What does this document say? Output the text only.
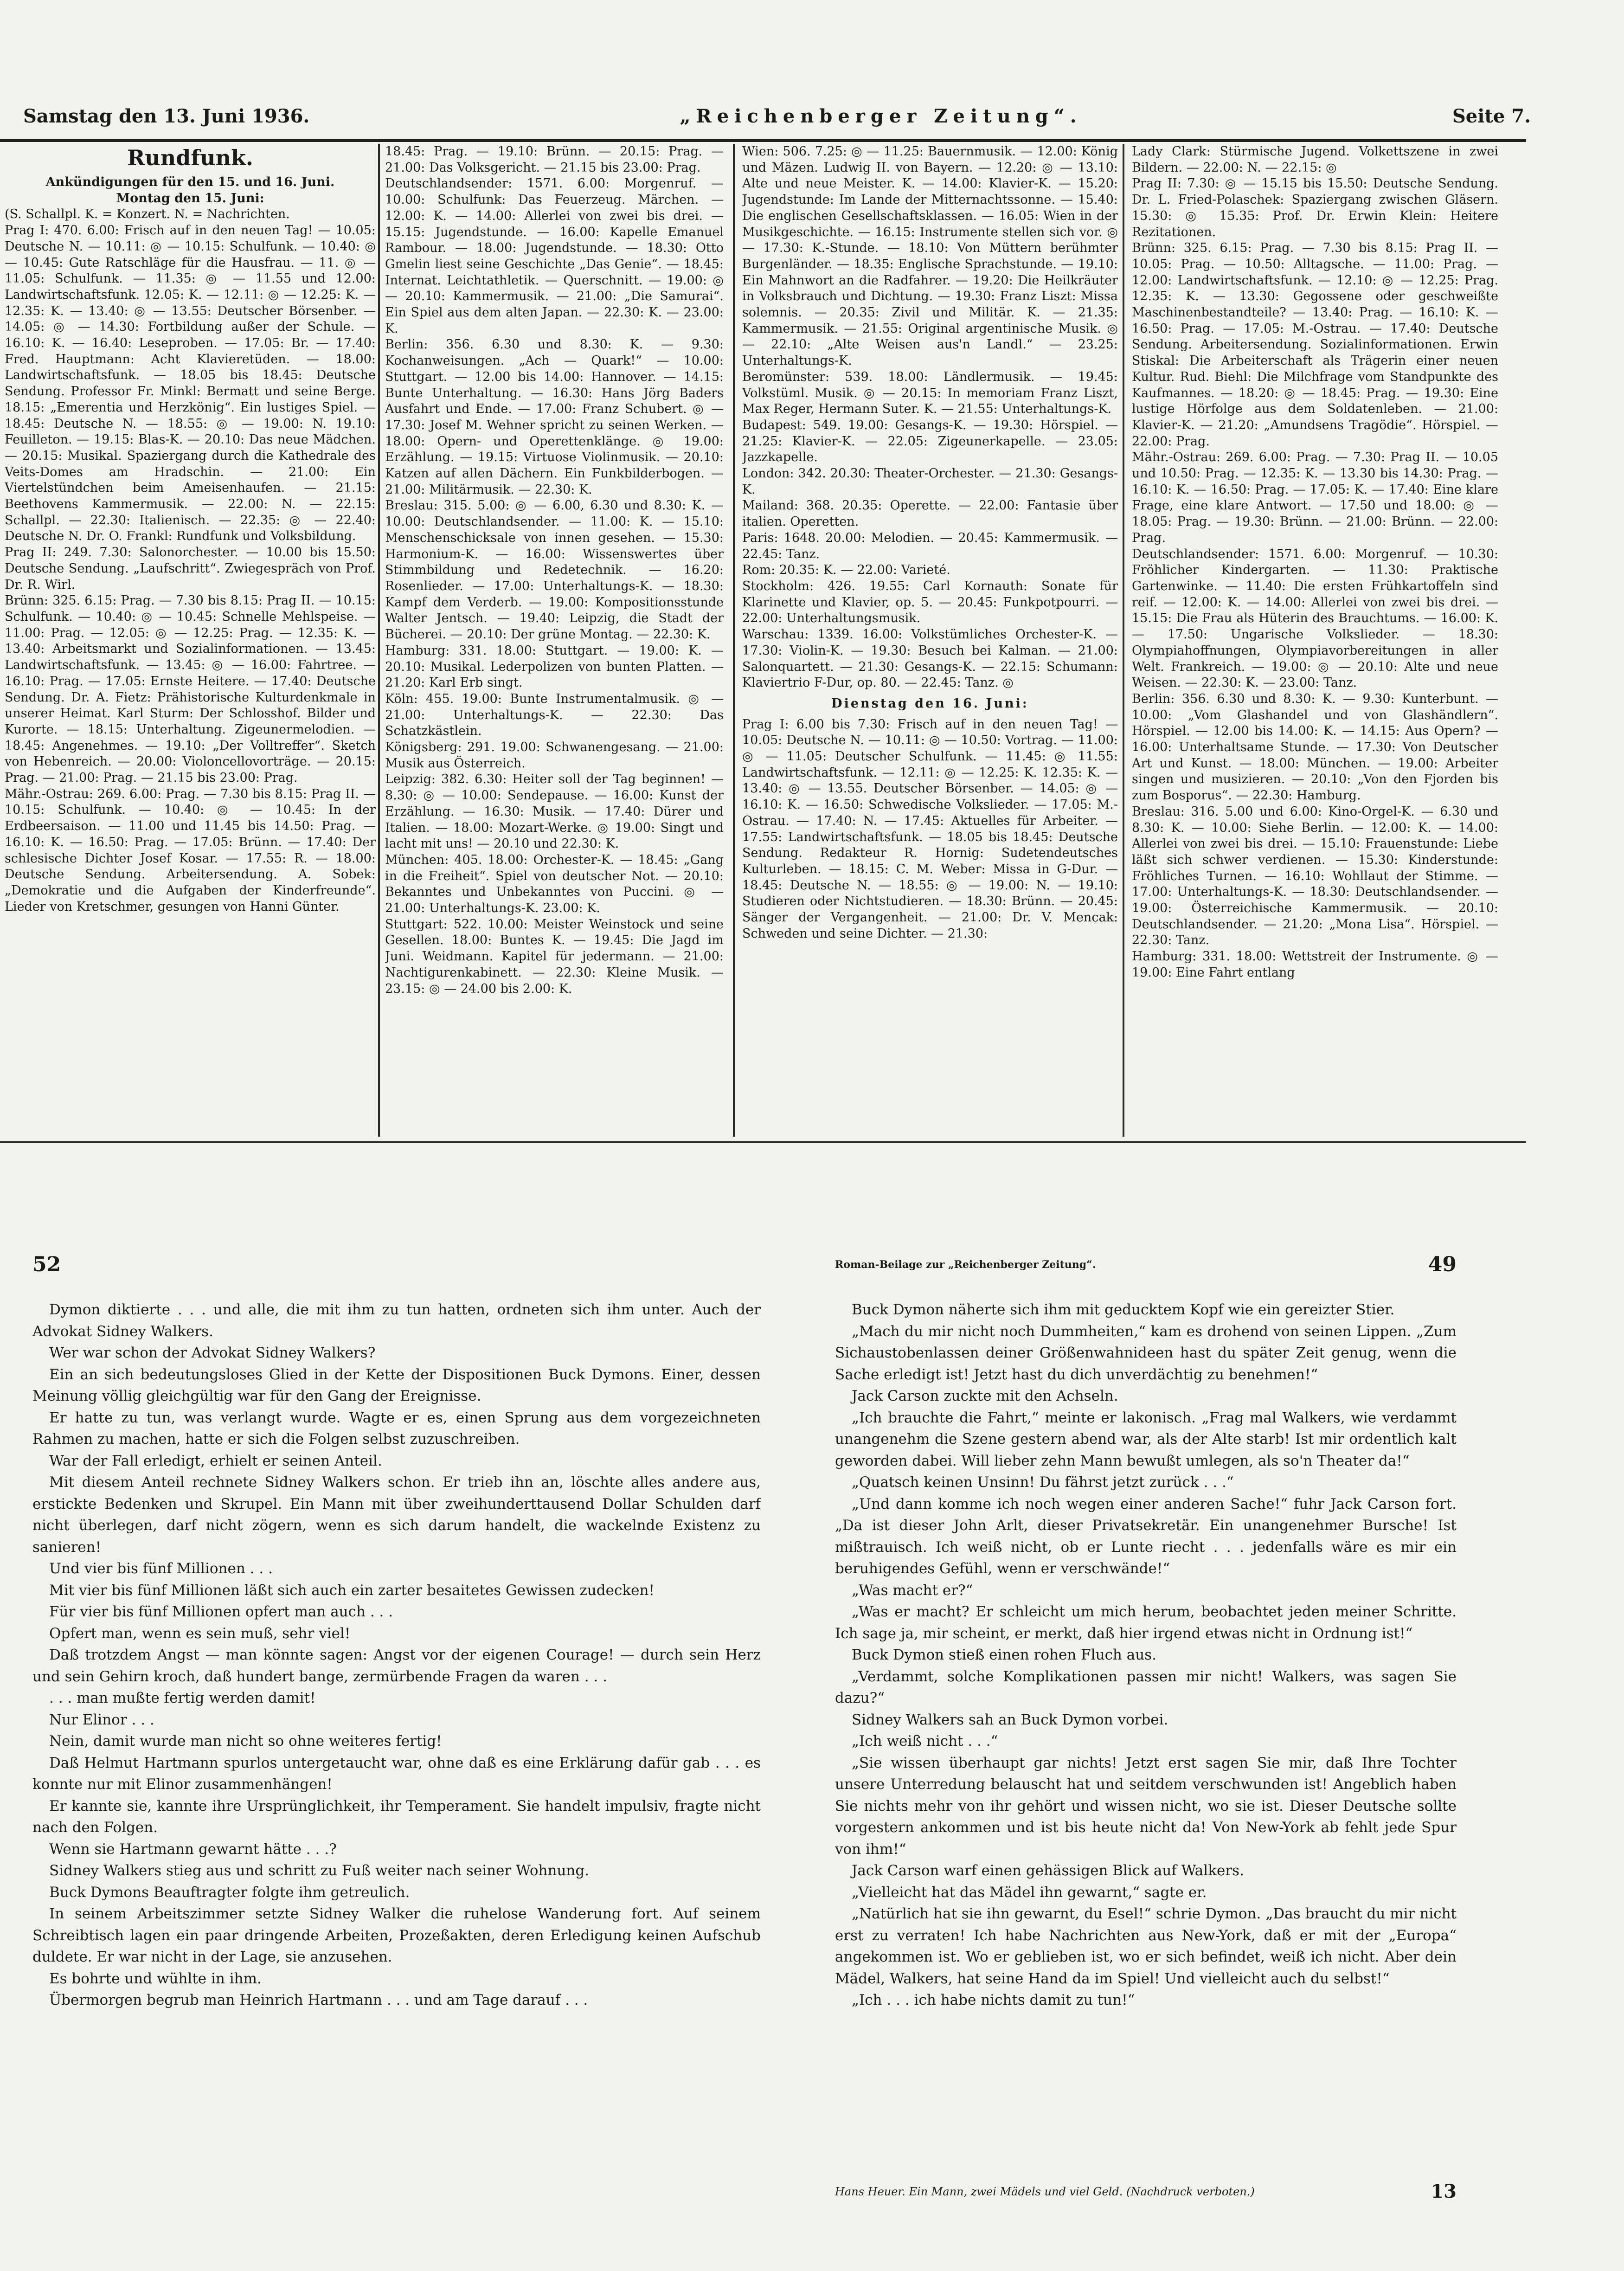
Samstag den 13. Juni 1936.	„Reichenberger Zeitung“.	Seite 7.

Rundfunk.

Ankündigungen für den 15. und 16. Juni.

Montag den 15. Juni:

(S. Schallpl. K. = Konzert. N. = Nachrichten.

Prag I: 470. 6.00: Frisch auf in den neuen Tag! — 10.05: Deutsche N. — 10.11: ◎ — 10.15: Schulfunk. — 10.40: ◎ — 10.45: Gute Ratschläge für die Hausfrau. — 11. ◎ — 11.05: Schulfunk. — 11.35: ◎ — 11.55 und 12.00: Landwirtschaftsfunk. 12.05: K. — 12.11: ◎ — 12.25: K. — 12.35: K. — 13.40: ◎ — 13.55: Deutscher Börsenber. — 14.05: ◎ — 14.30: Fortbildung außer der Schule. — 16.10: K. — 16.40: Leseproben. — 17.05: Br. — 17.40: Fred. Hauptmann: Acht Klavieretüden. — 18.00: Landwirtschaftsfunk. — 18.05 bis 18.45: Deutsche Sendung. Professor Fr. Minkl: Bermatt und seine Berge. 18.15: „Emerentia und Herzkönig“. Ein lustiges Spiel. — 18.45: Deutsche N. — 18.55: ◎ — 19.00: N. 19.10: Feuilleton. — 19.15: Blas-K. — 20.10: Das neue Mädchen. — 20.15: Musikal. Spaziergang durch die Kathedrale des Veits-Domes am Hradschin. — 21.00: Ein Viertelstündchen beim Ameisenhaufen. — 21.15: Beethovens Kammermusik. — 22.00: N. — 22.15: Schallpl. — 22.30: Italienisch. — 22.35: ◎ — 22.40: Deutsche N. Dr. O. Frankl: Rundfunk und Volksbildung.

Prag II: 249. 7.30: Salonorchester. — 10.00 bis 15.50: Deutsche Sendung. „Laufschritt“. Zwiegespräch von Prof. Dr. R. Wirl.

Brünn: 325. 6.15: Prag. — 7.30 bis 8.15: Prag II. — 10.15: Schulfunk. — 10.40: ◎ — 10.45: Schnelle Mehlspeise. — 11.00: Prag. — 12.05: ◎ — 12.25: Prag. — 12.35: K. — 13.40: Arbeitsmarkt und Sozialinformationen. — 13.45: Landwirtschaftsfunk. — 13.45: ◎ — 16.00: Fahrtree. — 16.10: Prag. — 17.05: Ernste Heitere. — 17.40: Deutsche Sendung. Dr. A. Fietz: Prähistorische Kulturdenkmale in unserer Heimat. Karl Sturm: Der Schlosshof. Bilder und Kurorte. — 18.15: Unterhaltung. Zigeunermelodien. — 18.45: Angenehmes. — 19.10: „Der Volltreffer“. Sketch von Hebenreich. — 20.00: Violoncellovorträge. — 20.15: Prag. — 21.00: Prag. — 21.15 bis 23.00: Prag.

Mähr.-Ostrau: 269. 6.00: Prag. — 7.30 bis 8.15: Prag II. — 10.15: Schulfunk. — 10.40: ◎ — 10.45: In der Erdbeersaison. — 11.00 und 11.45 bis 14.50: Prag. — 16.10: K. — 16.50: Prag. — 17.05: Brünn. — 17.40: Der schlesische Dichter Josef Kosar. — 17.55: R. — 18.00: Deutsche Sendung. Arbeitersendung. A. Sobek: „Demokratie und die Aufgaben der Kinderfreunde“. Lieder von Kretschmer, gesungen von Hanni Günter.

18.45: Prag. — 19.10: Brünn. — 20.15: Prag. — 21.00: Das Volksgericht. — 21.15 bis 23.00: Prag.

Deutschlandsender: 1571. 6.00: Morgenruf. — 10.00: Schulfunk: Das Feuerzeug. Märchen. — 12.00: K. — 14.00: Allerlei von zwei bis drei. — 15.15: Jugendstunde. — 16.00: Kapelle Emanuel Rambour. — 18.00: Jugendstunde. — 18.30: Otto Gmelin liest seine Geschichte „Das Genie“. — 18.45: Internat. Leichtathletik. — Querschnitt. — 19.00: ◎ — 20.10: Kammermusik. — 21.00: „Die Samurai“. Ein Spiel aus dem alten Japan. — 22.30: K. — 23.00: K.

Berlin: 356. 6.30 und 8.30: K. — 9.30: Kochanweisungen. „Ach — Quark!“ — 10.00: Stuttgart. — 12.00 bis 14.00: Hannover. — 14.15: Bunte Unterhaltung. — 16.30: Hans Jörg Baders Ausfahrt und Ende. — 17.00: Franz Schubert. ◎ — 17.30: Josef M. Wehner spricht zu seinen Werken. — 18.00: Opern- und Operettenklänge. ◎ 19.00: Erzählung. — 19.15: Virtuose Violinmusik. — 20.10: Katzen auf allen Dächern. Ein Funkbilderbogen. — 21.00: Militärmusik. — 22.30: K.

Breslau: 315. 5.00: ◎ — 6.00, 6.30 und 8.30: K. — 10.00: Deutschlandsender. — 11.00: K. — 15.10: Menschenschicksale von innen gesehen. — 15.30: Harmonium-K. — 16.00: Wissenswertes über Stimmbildung und Redetechnik. — 16.20: Rosenlieder. — 17.00: Unterhaltungs-K. — 18.30: Kampf dem Verderb. — 19.00: Kompositionsstunde Walter Jentsch. — 19.40: Leipzig, die Stadt der Bücherei. — 20.10: Der grüne Montag. — 22.30: K.

Hamburg: 331. 18.00: Stuttgart. — 19.00: K. — 20.10: Musikal. Lederpolizen von bunten Platten. — 21.20: Karl Erb singt.

Köln: 455. 19.00: Bunte Instrumentalmusik. ◎ — 21.00: Unterhaltungs-K. — 22.30: Das Schatzkästlein.

Königsberg: 291. 19.00: Schwanengesang. — 21.00: Musik aus Österreich.

Leipzig: 382. 6.30: Heiter soll der Tag beginnen! — 8.30: ◎ — 10.00: Sendepause. — 16.00: Kunst der Erzählung. — 16.30: Musik. — 17.40: Dürer und Italien. — 18.00: Mozart-Werke. ◎ 19.00: Singt und lacht mit uns! — 20.10 und 22.30: K.

München: 405. 18.00: Orchester-K. — 18.45: „Gang in die Freiheit“. Spiel von deutscher Not. — 20.10: Bekanntes und Unbekanntes von Puccini. ◎ — 21.00: Unterhaltungs-K. 23.00: K.

Stuttgart: 522. 10.00: Meister Weinstock und seine Gesellen. 18.00: Buntes K. — 19.45: Die Jagd im Juni. Weidmann. Kapitel für jedermann. — 21.00: Nachtigurenkabinett. — 22.30: Kleine Musik. — 23.15: ◎ — 24.00 bis 2.00: K.

Wien: 506. 7.25: ◎ — 11.25: Bauernmusik. — 12.00: König und Mäzen. Ludwig II. von Bayern. — 12.20: ◎ — 13.10: Alte und neue Meister. K. — 14.00: Klavier-K. — 15.20: Jugendstunde: Im Lande der Mitternachtssonne. — 15.40: Die englischen Gesellschaftsklassen. — 16.05: Wien in der Musikgeschichte. — 16.15: Instrumente stellen sich vor. ◎ — 17.30: K.-Stunde. — 18.10: Von Müttern berühmter Burgenländer. — 18.35: Englische Sprachstunde. — 19.10: Ein Mahnwort an die Radfahrer. — 19.20: Die Heilkräuter in Volksbrauch und Dichtung. — 19.30: Franz Liszt: Missa solemnis. — 20.35: Zivil und Militär. K. — 21.35: Kammermusik. — 21.55: Original argentinische Musik. ◎ — 22.10: „Alte Weisen aus'n Landl.“ — 23.25: Unterhaltungs-K.

Beromünster: 539. 18.00: Ländlermusik. — 19.45: Volkstüml. Musik. ◎ — 20.15: In memoriam Franz Liszt, Max Reger, Hermann Suter. K. — 21.55: Unterhaltungs-K.

Budapest: 549. 19.00: Gesangs-K. — 19.30: Hörspiel. — 21.25: Klavier-K. — 22.05: Zigeunerkapelle. — 23.05: Jazzkapelle.

London: 342. 20.30: Theater-Orchester. — 21.30: Gesangs-K.

Mailand: 368. 20.35: Operette. — 22.00: Fantasie über italien. Operetten.

Paris: 1648. 20.00: Melodien. — 20.45: Kammermusik. — 22.45: Tanz.

Rom: 20.35: K. — 22.00: Varieté.

Stockholm: 426. 19.55: Carl Kornauth: Sonate für Klarinette und Klavier, op. 5. — 20.45: Funkpotpourri. — 22.00: Unterhaltungsmusik.

Warschau: 1339. 16.00: Volkstümliches Orchester-K. — 17.30: Violin-K. — 19.30: Besuch bei Kalman. — 21.00: Salonquartett. — 21.30: Gesangs-K. — 22.15: Schumann: Klaviertrio F-Dur, op. 80. — 22.45: Tanz. ◎

Dienstag den 16. Juni:

Prag I: 6.00 bis 7.30: Frisch auf in den neuen Tag! — 10.05: Deutsche N. — 10.11: ◎ — 10.50: Vortrag. — 11.00: ◎ — 11.05: Deutscher Schulfunk. — 11.45: ◎ 11.55: Landwirtschaftsfunk. — 12.11: ◎ — 12.25: K. 12.35: K. — 13.40: ◎ — 13.55. Deutscher Börsenber. — 14.05: ◎ — 16.10: K. — 16.50: Schwedische Volkslieder. — 17.05: M.-Ostrau. — 17.40: N. — 17.45: Aktuelles für Arbeiter. — 17.55: Landwirtschaftsfunk. — 18.05 bis 18.45: Deutsche Sendung. Redakteur R. Hornig: Sudetendeutsches Kulturleben. — 18.15: C. M. Weber: Missa in G-Dur. — 18.45: Deutsche N. — 18.55: ◎ — 19.00: N. — 19.10: Studieren oder Nichtstudieren. — 18.30: Brünn. — 20.45: Sänger der Vergangenheit. — 21.00: Dr. V. Mencak: Schweden und seine Dichter. — 21.30:

Lady Clark: Stürmische Jugend. Volkettszene in zwei Bildern. — 22.00: N. — 22.15: ◎

Prag II: 7.30: ◎ — 15.15 bis 15.50: Deutsche Sendung. Dr. L. Fried-Polaschek: Spaziergang zwischen Gläsern. 15.30: ◎ 15.35: Prof. Dr. Erwin Klein: Heitere Rezitationen.

Brünn: 325. 6.15: Prag. — 7.30 bis 8.15: Prag II. — 10.05: Prag. — 10.50: Alltagsche. — 11.00: Prag. — 12.00: Landwirtschaftsfunk. — 12.10: ◎ — 12.25: Prag. 12.35: K. — 13.30: Gegossene oder geschweißte Maschinenbestandteile? — 13.40: Prag. — 16.10: K. — 16.50: Prag. — 17.05: M.-Ostrau. — 17.40: Deutsche Sendung. Arbeitersendung. Sozialinformationen. Erwin Stiskal: Die Arbeiterschaft als Trägerin einer neuen Kultur. Rud. Biehl: Die Milchfrage vom Standpunkte des Kaufmannes. — 18.20: ◎ — 18.45: Prag. — 19.30: Eine lustige Hörfolge aus dem Soldatenleben. — 21.00: Klavier-K. — 21.20: „Amundsens Tragödie“. Hörspiel. — 22.00: Prag.

Mähr.-Ostrau: 269. 6.00: Prag. — 7.30: Prag II. — 10.05 und 10.50: Prag. — 12.35: K. — 13.30 bis 14.30: Prag. — 16.10: K. — 16.50: Prag. — 17.05: K. — 17.40: Eine klare Frage, eine klare Antwort. — 17.50 und 18.00: ◎ — 18.05: Prag. — 19.30: Brünn. — 21.00: Brünn. — 22.00: Prag.

Deutschlandsender: 1571. 6.00: Morgenruf. — 10.30: Fröhlicher Kindergarten. — 11.30: Praktische Gartenwinke. — 11.40: Die ersten Frühkartoffeln sind reif. — 12.00: K. — 14.00: Allerlei von zwei bis drei. — 15.15: Die Frau als Hüterin des Brauchtums. — 16.00: K. — 17.50: Ungarische Volkslieder. — 18.30: Olympiahoffnungen, Olympiavorbereitungen in aller Welt. Frankreich. — 19.00: ◎ — 20.10: Alte und neue Weisen. — 22.30: K. — 23.00: Tanz.

Berlin: 356. 6.30 und 8.30: K. — 9.30: Kunterbunt. — 10.00: „Vom Glashandel und von Glashändlern“. Hörspiel. — 12.00 bis 14.00: K. — 14.15: Aus Opern? — 16.00: Unterhaltsame Stunde. — 17.30: Von Deutscher Art und Kunst. — 18.00: München. — 19.00: Arbeiter singen und musizieren. — 20.10: „Von den Fjorden bis zum Bosporus“. — 22.30: Hamburg.

Breslau: 316. 5.00 und 6.00: Kino-Orgel-K. — 6.30 und 8.30: K. — 10.00: Siehe Berlin. — 12.00: K. — 14.00: Allerlei von zwei bis drei. — 15.10: Frauenstunde: Liebe läßt sich schwer verdienen. — 15.30: Kinderstunde: Fröhliches Turnen. — 16.10: Wohllaut der Stimme. — 17.00: Unterhaltungs-K. — 18.30: Deutschlandsender. — 19.00: Österreichische Kammermusik. — 20.10: Deutschlandsender. — 21.20: „Mona Lisa“. Hörspiel. — 22.30: Tanz.

Hamburg: 331. 18.00: Wettstreit der Instrumente. ◎ — 19.00: Eine Fahrt entlang

52

Dymon diktierte . . . und alle, die mit ihm zu tun hatten, ordneten sich ihm unter. Auch der Advokat Sidney Walkers.

Wer war schon der Advokat Sidney Walkers?

Ein an sich bedeutungsloses Glied in der Kette der Dispositionen Buck Dymons. Einer, dessen Meinung völlig gleichgültig war für den Gang der Ereignisse.

Er hatte zu tun, was verlangt wurde. Wagte er es, einen Sprung aus dem vorgezeichneten Rahmen zu machen, hatte er sich die Folgen selbst zuzuschreiben.

War der Fall erledigt, erhielt er seinen Anteil.

Mit diesem Anteil rechnete Sidney Walkers schon. Er trieb ihn an, löschte alles andere aus, erstickte Bedenken und Skrupel. Ein Mann mit über zweihunderttausend Dollar Schulden darf nicht überlegen, darf nicht zögern, wenn es sich darum handelt, die wackelnde Existenz zu sanieren!

Und vier bis fünf Millionen . . .

Mit vier bis fünf Millionen läßt sich auch ein zarter besaitetes Gewissen zudecken!

Für vier bis fünf Millionen opfert man auch . . .

Opfert man, wenn es sein muß, sehr viel!

Daß trotzdem Angst — man könnte sagen: Angst vor der eigenen Courage! — durch sein Herz und sein Gehirn kroch, daß hundert bange, zermürbende Fragen da waren . . .

. . . man mußte fertig werden damit!

Nur Elinor . . .

Nein, damit wurde man nicht so ohne weiteres fertig!

Daß Helmut Hartmann spurlos untergetaucht war, ohne daß es eine Erklärung dafür gab . . . es konnte nur mit Elinor zusammenhängen!

Er kannte sie, kannte ihre Ursprünglichkeit, ihr Temperament. Sie handelt impulsiv, fragte nicht nach den Folgen.

Wenn sie Hartmann gewarnt hätte . . .?

Sidney Walkers stieg aus und schritt zu Fuß weiter nach seiner Wohnung.

Buck Dymons Beauftragter folgte ihm getreulich.

In seinem Arbeitszimmer setzte Sidney Walker die ruhelose Wanderung fort. Auf seinem Schreibtisch lagen ein paar dringende Arbeiten, Prozeßakten, deren Erledigung keinen Aufschub duldete. Er war nicht in der Lage, sie anzusehen.

Es bohrte und wühlte in ihm.

Übermorgen begrub man Heinrich Hartmann . . . und am Tage darauf . . .

Roman-Beilage zur „Reichenberger Zeitung“.	49

Buck Dymon näherte sich ihm mit geducktem Kopf wie ein gereizter Stier.

„Mach du mir nicht noch Dummheiten,“ kam es drohend von seinen Lippen. „Zum Sichaustobenlassen deiner Größenwahnideen hast du später Zeit genug, wenn die Sache erledigt ist! Jetzt hast du dich unverdächtig zu benehmen!“

Jack Carson zuckte mit den Achseln.

„Ich brauchte die Fahrt,“ meinte er lakonisch. „Frag mal Walkers, wie verdammt unangenehm die Szene gestern abend war, als der Alte starb! Ist mir ordentlich kalt geworden dabei. Will lieber zehn Mann bewußt umlegen, als so'n Theater da!“

„Quatsch keinen Unsinn! Du fährst jetzt zurück . . .“

„Und dann komme ich noch wegen einer anderen Sache!“ fuhr Jack Carson fort. „Da ist dieser John Arlt, dieser Privatsekretär. Ein unangenehmer Bursche! Ist mißtrauisch. Ich weiß nicht, ob er Lunte riecht . . . jedenfalls wäre es mir ein beruhigendes Gefühl, wenn er verschwände!“

„Was macht er?“

„Was er macht? Er schleicht um mich herum, beobachtet jeden meiner Schritte. Ich sage ja, mir scheint, er merkt, daß hier irgend etwas nicht in Ordnung ist!“

Buck Dymon stieß einen rohen Fluch aus.

„Verdammt, solche Komplikationen passen mir nicht! Walkers, was sagen Sie dazu?“

Sidney Walkers sah an Buck Dymon vorbei.

„Ich weiß nicht . . .“

„Sie wissen überhaupt gar nichts! Jetzt erst sagen Sie mir, daß Ihre Tochter unsere Unterredung belauscht hat und seitdem verschwunden ist! Angeblich haben Sie nichts mehr von ihr gehört und wissen nicht, wo sie ist. Dieser Deutsche sollte vorgestern ankommen und ist bis heute nicht da! Von New-York ab fehlt jede Spur von ihm!“

Jack Carson warf einen gehässigen Blick auf Walkers.

„Vielleicht hat das Mädel ihn gewarnt,“ sagte er.

„Natürlich hat sie ihn gewarnt, du Esel!“ schrie Dymon. „Das braucht du mir nicht erst zu verraten! Ich habe Nachrichten aus New-York, daß er mit der „Europa“ angekommen ist. Wo er geblieben ist, wo er sich befindet, weiß ich nicht. Aber dein Mädel, Walkers, hat seine Hand da im Spiel! Und vielleicht auch du selbst!“

„Ich . . . ich habe nichts damit zu tun!“

Hans Heuer. Ein Mann, zwei Mädels und viel Geld. (Nachdruck verboten.)	13
